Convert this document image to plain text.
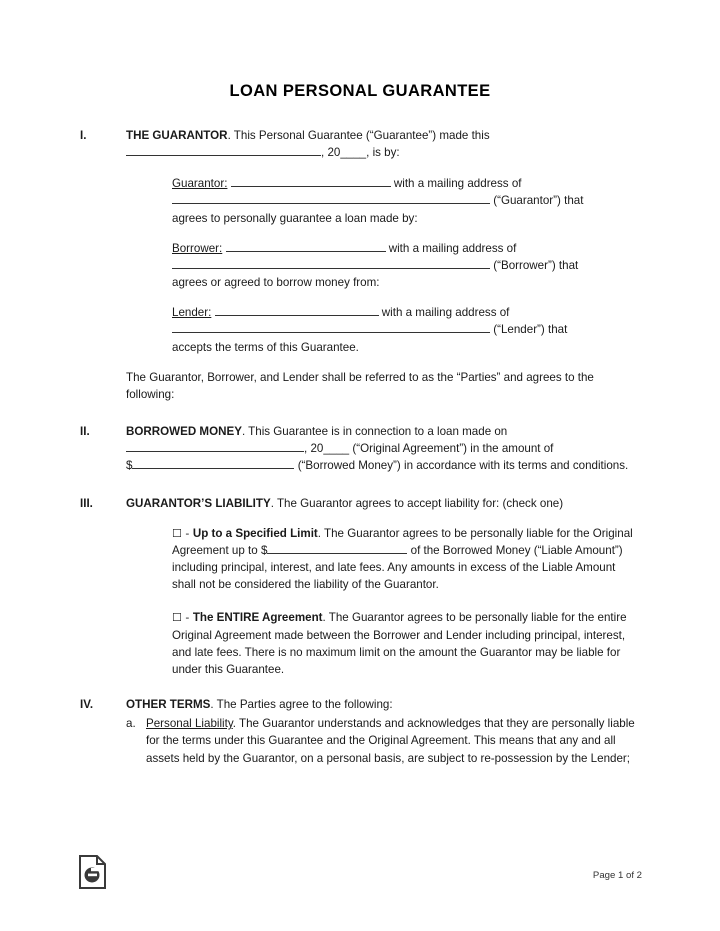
LOAN PERSONAL GUARANTEE
I.	THE GUARANTOR. This Personal Guarantee (“Guarantee”) made this

, 20____, is by:

Guarantor:	with a mailing address of

(“Guarantor”) that

agrees to personally guarantee a loan made by:

Borrower:	with a mailing address of

(“Borrower”) that

agrees or agreed to borrow money from:

Lender:	with a mailing address of

(“Lender”) that

accepts the terms of this Guarantee.

The Guarantor, Borrower, and Lender shall be referred to as the “Parties” and agrees to the following:

II.	BORROWED MONEY. This Guarantee is in connection to a loan made on

, 20____ (“Original Agreement”) in the amount of

$	(“Borrowed Money”) in accordance with its terms and conditions.

III.	GUARANTOR’S LIABILITY. The Guarantor agrees to accept liability for: (check one)

☐ - Up to a Specified Limit. The Guarantor agrees to be personally liable for the Original Agreement up to $	of the Borrowed Money (“Liable Amount”) including principal, interest, and late fees. Any amounts in excess of the Liable Amount shall not be considered the liability of the Guarantor.

☐ - The ENTIRE Agreement. The Guarantor agrees to be personally liable for the entire Original Agreement made between the Borrower and Lender including principal, interest, and late fees. There is no maximum limit on the amount the Guarantor may be liable for under this Guarantee.

IV.	OTHER TERMS. The Parties agree to the following:

a. Personal Liability. The Guarantor understands and acknowledges that they are personally liable for the terms under this Guarantee and the Original Agreement. This means that any and all assets held by the Guarantor, on a personal basis, are subject to re-possession by the Lender;
Page 1 of 2
